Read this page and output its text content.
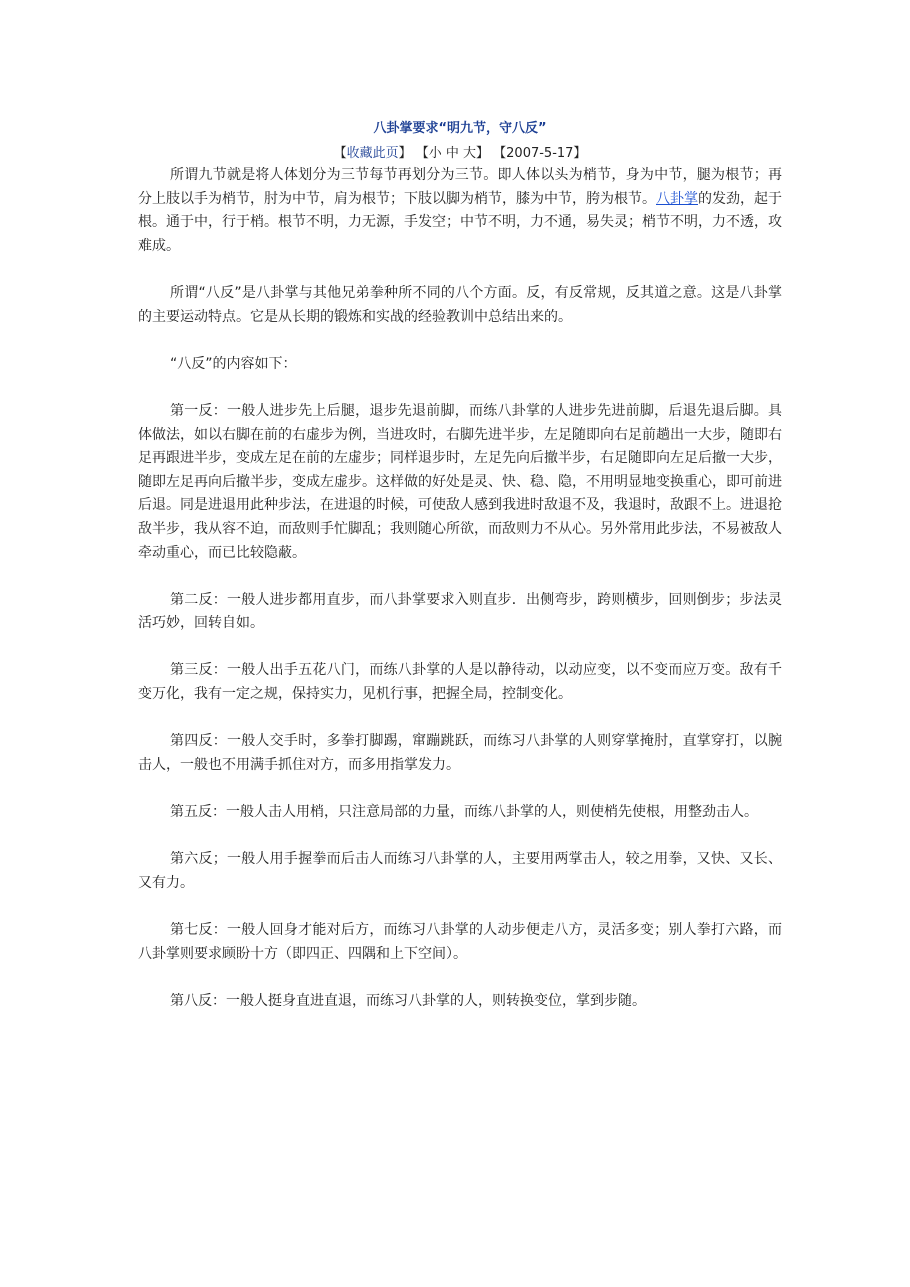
八卦掌要求“明九节，守八反”
【收藏此页】 【小 中 大】 【2007-5-17】

所谓九节就是将人体划分为三节每节再划分为三节。即人体以头为梢节，身为中节，腿为根节；再分上肢以手为梢节，肘为中节，肩为根节；下肢以脚为梢节，膝为中节，胯为根节。八卦掌的发劲，起于根。通于中，行于梢。根节不明，力无源，手发空；中节不明，力不通，易失灵；梢节不明，力不透，攻难成。

所谓“八反”是八卦掌与其他兄弟拳种所不同的八个方面。反，有反常规，反其道之意。这是八卦掌的主要运动特点。它是从长期的锻炼和实战的经验教训中总结出来的。

“八反”的内容如下：

第一反：一般人进步先上后腿，退步先退前脚，而练八卦掌的人进步先进前脚，后退先退后脚。具体做法，如以右脚在前的右虚步为例，当进攻时，右脚先进半步，左足随即向右足前趟出一大步，随即右足再跟进半步，变成左足在前的左虚步；同样退步时，左足先向后撤半步，右足随即向左足后撤一大步，随即左足再向后撤半步，变成左虚步。这样做的好处是灵、快、稳、隐，不用明显地变换重心，即可前进后退。同是进退用此种步法，在进退的时候，可使敌人感到我进时敌退不及，我退时，敌跟不上。进退抢敌半步，我从容不迫，而敌则手忙脚乱；我则随心所欲，而敌则力不从心。另外常用此步法，不易被敌人牵动重心，而已比较隐蔽。

第二反：一般人进步都用直步，而八卦掌要求入则直步．出侧弯步，跨则横步，回则倒步；步法灵活巧妙，回转自如。

第三反：一般人出手五花八门，而练八卦掌的人是以静待动，以动应变，以不变而应万变。敌有千变万化，我有一定之规，保持实力，见机行事，把握全局，控制变化。

第四反：一般人交手时，多拳打脚踢，窜蹦跳跃，而练习八卦掌的人则穿掌掩肘，直掌穿打，以腕击人，一般也不用满手抓住对方，而多用指掌发力。

第五反：一般人击人用梢，只注意局部的力量，而练八卦掌的人，则使梢先使根，用整劲击人。

第六反；一般人用手握拳而后击人而练习八卦掌的人，主要用两掌击人，较之用拳，又快、又长、又有力。

第七反：一般人回身才能对后方，而练习八卦掌的人动步便走八方，灵活多变；别人拳打六路，而八卦掌则要求顾盼十方（即四正、四隅和上下空间）。

第八反：一般人挺身直进直退，而练习八卦掌的人，则转换变位，掌到步随。
